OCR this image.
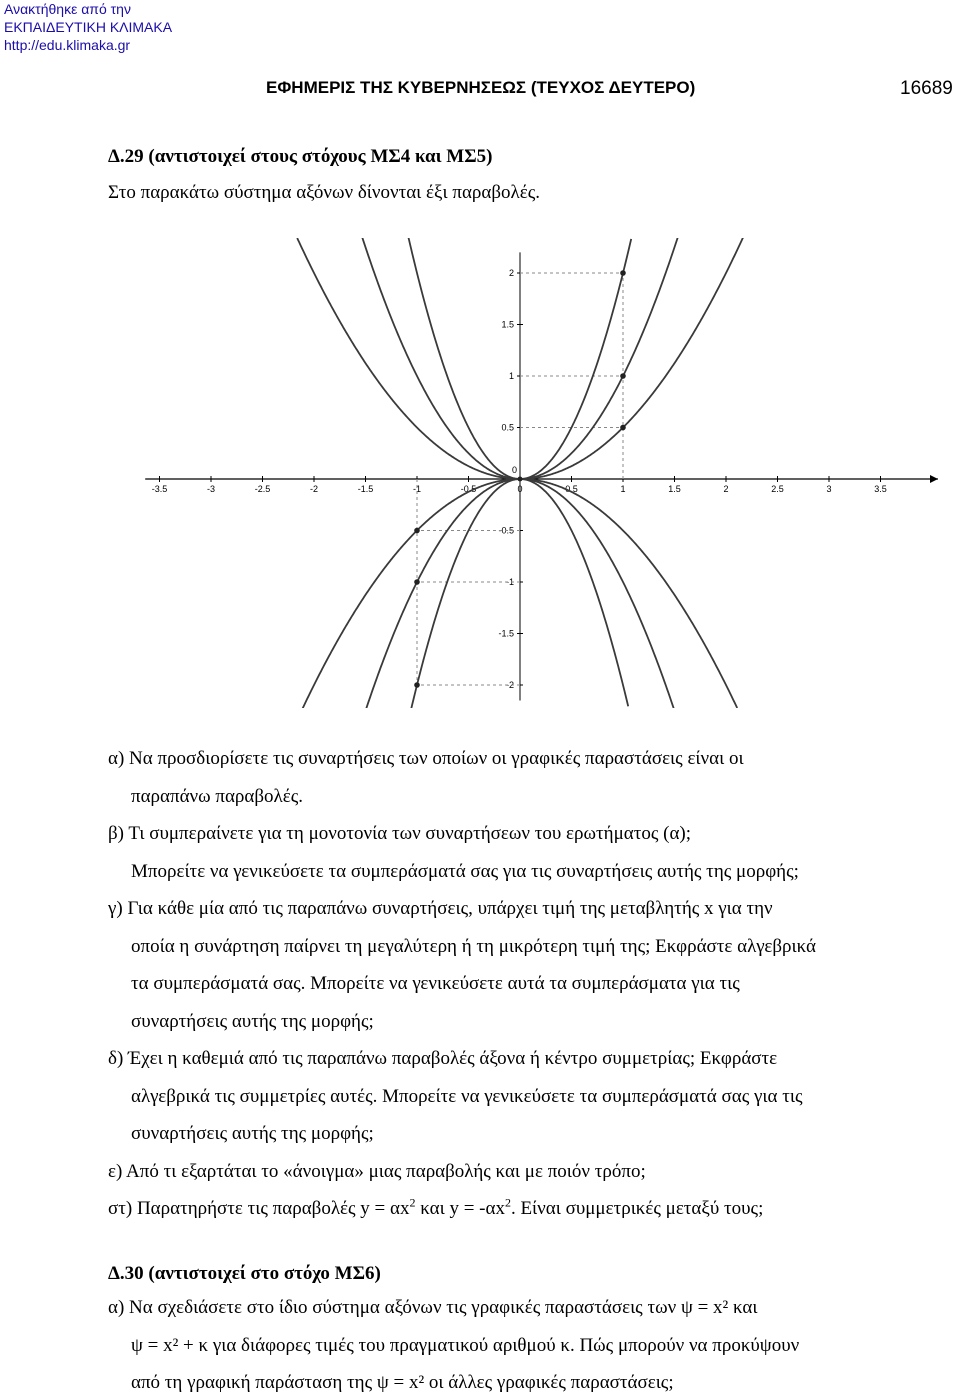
Ανακτήθηκε από την
ΕΚΠΑΙΔΕΥΤΙΚΗ ΚΛΙΜΑΚΑ
http://edu.klimaka.gr
ΕΦΗΜΕΡΙΣ ΤΗΣ ΚΥΒΕΡΝΗΣΕΩΣ (ΤΕΥΧΟΣ ΔΕΥΤΕΡΟ)	16689
Δ.29 (αντιστοιχεί στους στόχους ΜΣ4 και ΜΣ5)
Στο παρακάτω σύστημα αξόνων δίνονται έξι παραβολές.
-3.5	-3	-2.5	-2	-1.5	-1	-0.5	0	0.5	1	1.5	2	2.5	3	3.5
2
1.5
1
0.5
0
-0.5
-1
-1.5
-2
α) Να προσδιορίσετε τις συναρτήσεις των οποίων οι γραφικές παραστάσεις είναι οι
παραπάνω παραβολές.
β) Τι συμπεραίνετε για τη μονοτονία των συναρτήσεων του ερωτήματος (α);
Μπορείτε να γενικεύσετε τα συμπεράσματά σας για τις συναρτήσεις αυτής της μορφής;
γ) Για κάθε μία από τις παραπάνω συναρτήσεις, υπάρχει τιμή της μεταβλητής x για την
οποία η συνάρτηση παίρνει τη μεγαλύτερη ή τη μικρότερη τιμή της; Εκφράστε αλγεβρικά
τα συμπεράσματά σας. Μπορείτε να γενικεύσετε αυτά τα συμπεράσματα για τις
συναρτήσεις αυτής της μορφής;
δ) Έχει η καθεμιά από τις παραπάνω παραβολές άξονα ή κέντρο συμμετρίας; Εκφράστε
αλγεβρικά τις συμμετρίες αυτές. Μπορείτε να γενικεύσετε τα συμπεράσματά σας για τις
συναρτήσεις αυτής της μορφής;
ε) Από τι εξαρτάται το «άνοιγμα» μιας παραβολής και με ποιόν τρόπο;
στ) Παρατηρήστε τις παραβολές $y = \alpha x^2$ και $y = -\alpha x^2$. Είναι συμμετρικές μεταξύ τους;
Δ.30 (αντιστοιχεί στο στόχο ΜΣ6)
α) Να σχεδιάσετε στο ίδιο σύστημα αξόνων τις γραφικές παραστάσεις των ψ = x² και
ψ = x² + κ για διάφορες τιμές του πραγματικού αριθμού κ. Πώς μπορούν να προκύψουν
από τη γραφική παράσταση της ψ = x² οι άλλες γραφικές παραστάσεις;
